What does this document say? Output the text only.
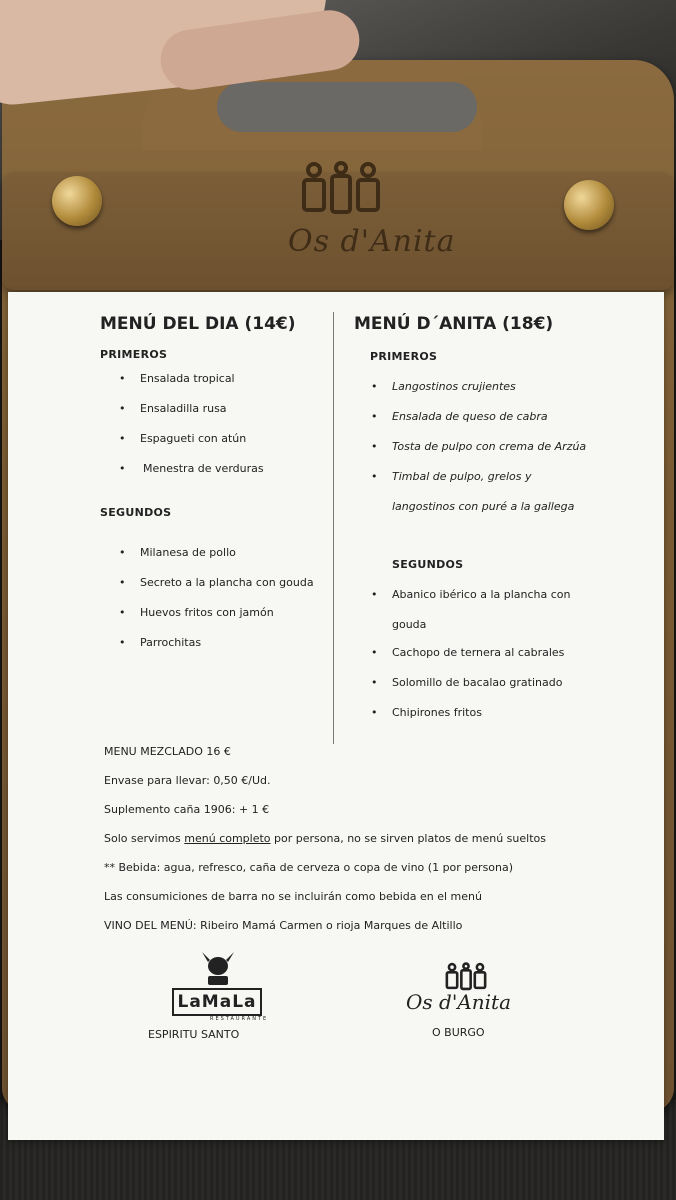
Os d'Anita
MENÚ DEL DIA (14€)
PRIMEROS
• Ensalada tropical
• Ensaladilla rusa
• Espagueti con atún
• Menestra de verduras
SEGUNDOS
• Milanesa de pollo
• Secreto a la plancha con gouda
• Huevos fritos con jamón
• Parrochitas
MENÚ D´ANITA (18€)
PRIMEROS
• Langostinos crujientes
• Ensalada de queso de cabra
• Tosta de pulpo con crema de Arzúa
• Timbal de pulpo, grelos y
langostinos con puré a la gallega
SEGUNDOS
• Abanico ibérico a la plancha con
gouda
• Cachopo de ternera al cabrales
• Solomillo de bacalao gratinado
• Chipirones fritos

MENU MEZCLADO 16 €

Envase para llevar: 0,50 €/Ud.

Suplemento caña 1906: + 1 €

Solo servimos menú completo por persona, no se sirven platos de menú sueltos

** Bebida: agua, refresco, caña de cerveza o copa de vino (1 por persona)

Las consumiciones de barra no se incluirán como bebida en el menú

VINO DEL MENÚ: Ribeiro Mamá Carmen o rioja Marques de Altillo

LaMaLa
RESTAURANTE
ESPIRITU SANTO
Os d'Anita
O BURGO
